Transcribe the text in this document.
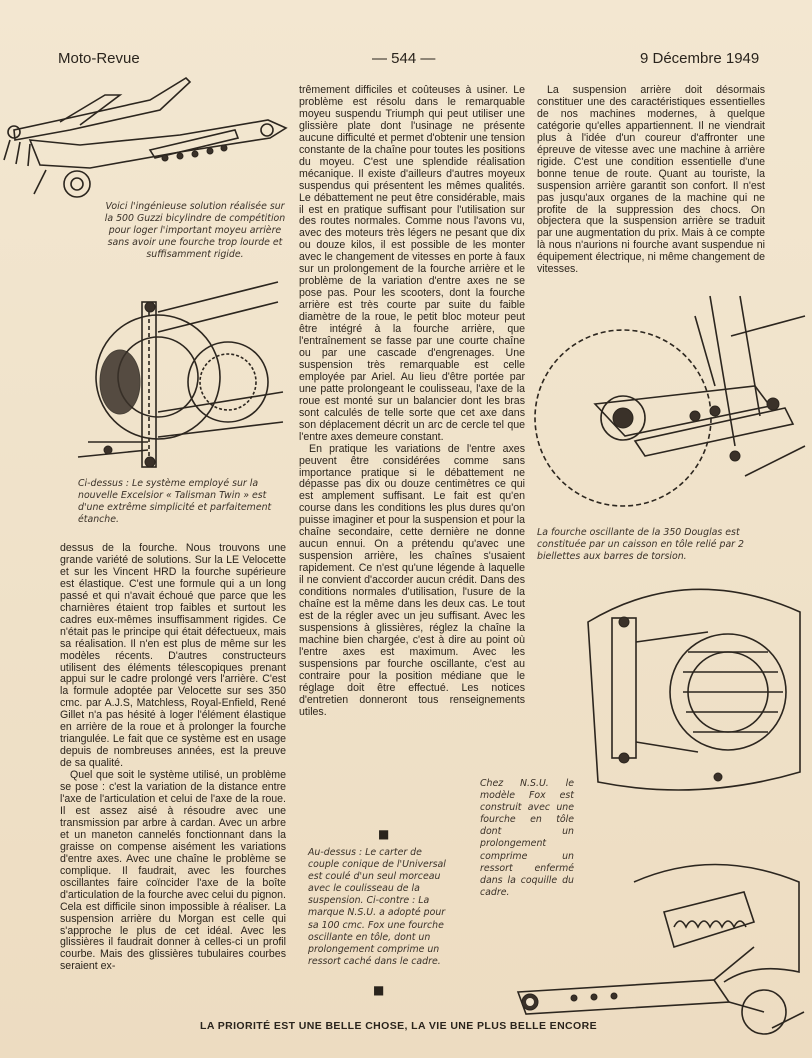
Moto-Revue	— 544 —	9 Décembre 1949
Voici l'ingénieuse solution réalisée sur la 500 Guzzi bicylindre de compétition pour loger l'important moyeu arrière sans avoir une fourche trop lourde et suffisamment rigide.
Ci-dessus : Le système employé sur la nouvelle Excelsior « Talisman Twin » est d'une extrême simplicité et parfaitement étanche.

dessus de la fourche. Nous trouvons une grande variété de solutions. Sur la LE Velocette et sur les Vincent HRD la fourche supérieure est élastique. C'est une formule qui a un long passé et qui n'avait échoué que parce que les charnières étaient trop faibles et surtout les cadres eux-mêmes insuffisamment rigides. Ce n'était pas le principe qui était défectueux, mais sa réalisation. Il n'en est plus de même sur les modèles récents. D'autres constructeurs utilisent des éléments télescopiques prenant appui sur le cadre prolongé vers l'arrière. C'est la formule adoptée par Velocette sur ses 350 cmc. par A.J.S, Matchless, Royal-Enfield, René Gillet n'a pas hésité à loger l'élément élastique en arrière de la roue et à prolonger la fourche triangulée. Le fait que ce système est en usage depuis de nombreuses années, est la preuve de sa qualité.

Quel que soit le système utilisé, un problème se pose : c'est la variation de la distance entre l'axe de l'articulation et celui de l'axe de la roue. Il est assez aisé à résoudre avec une transmission par arbre à cardan. Avec un arbre et un maneton cannelés fonctionnant dans la graisse on compense aisément les variations d'entre axes. Avec une chaîne le problème se complique. Il faudrait, avec les fourches oscillantes faire coïncider l'axe de la boîte d'articulation de la fourche avec celui du pignon. Cela est difficile sinon impossible à réaliser. La suspension arrière du Morgan est celle qui s'approche le plus de cet idéal. Avec les glissières il faudrait donner à celles-ci un profil courbe. Mais des glissières tubulaires courbes seraient ex-

trêmement difficiles et coûteuses à usiner. Le problème est résolu dans le remarquable moyeu suspendu Triumph qui peut utiliser une glissière plate dont l'usinage ne présente aucune difficulté et permet d'obtenir une tension constante de la chaîne pour toutes les positions du moyeu. C'est une splendide réalisation mécanique. Il existe d'ailleurs d'autres moyeux suspendus qui présentent les mêmes qualités. Le débattement ne peut être considérable, mais il est en pratique suffisant pour l'utilisation sur des routes normales. Comme nous l'avons vu, avec des moteurs très légers ne pesant que dix ou douze kilos, il est possible de les monter avec le changement de vitesses en porte à faux sur un prolongement de la fourche arrière et le problème de la variation d'entre axes ne se pose pas. Pour les scooters, dont la fourche arrière est très courte par suite du faible diamètre de la roue, le petit bloc moteur peut être intégré à la fourche arrière, que l'entraînement se fasse par une courte chaîne ou par une cascade d'engrenages. Une suspension très remarquable est celle employée par Ariel. Au lieu d'être portée par une patte prolongeant le coulisseau, l'axe de la roue est monté sur un balancier dont les bras sont calculés de telle sorte que cet axe dans son déplacement décrit un arc de cercle tel que l'entre axes demeure constant.

En pratique les variations de l'entre axes peuvent être considérées comme sans importance pratique si le débattement ne dépasse pas dix ou douze centimètres ce qui est amplement suffisant. Le fait est qu'en course dans les conditions les plus dures qu'on puisse imaginer et pour la suspension et pour la chaîne secondaire, cette dernière ne donne aucun ennui. On a prétendu qu'avec une suspension arrière, les chaînes s'usaient rapidement. Ce n'est qu'une légende à laquelle il ne convient d'accorder aucun crédit. Dans des conditions normales d'utilisation, l'usure de la chaîne est la même dans les deux cas. Le tout est de la régler avec un jeu suffisant. Avec les suspensions à glissières, réglez la chaîne la machine bien chargée, c'est à dire au point où l'entre axes est maximum. Avec les suspensions par fourche oscillante, c'est au contraire pour la position médiane que le réglage doit être effectué. Les notices d'entretien donneront tous renseignements utiles.

La suspension arrière doit désormais constituer une des caractéristiques essentielles de nos machines modernes, à quelque catégorie qu'elles appartiennent. Il ne viendrait plus à l'idée d'un coureur d'affronter une épreuve de vitesse avec une machine à arrière rigide. C'est une condition essentielle d'une bonne tenue de route. Quant au touriste, la suspension arrière garantit son confort. Il n'est pas jusqu'aux organes de la machine qui ne profite de la suppression des chocs. On objectera que la suspension arrière se traduit par une augmentation du prix. Mais à ce compte là nous n'aurions ni fourche avant suspendue ni équipement électrique, ni même changement de vitesses.

La fourche oscillante de la 350 Douglas est constituée par un caisson en tôle relié par 2 biellettes aux barres de torsion.
Chez N.S.U. le modèle Fox est construit avec une fourche en tôle dont un prolongement comprime un ressort enfermé dans la coquille du cadre.
■
Au-dessus : Le carter de couple conique de l'Universal est coulé d'un seul morceau avec le coulisseau de la suspension. Ci-contre : La marque N.S.U. a adopté pour sa 100 cmc. Fox une fourche oscillante en tôle, dont un prolongement comprime un ressort caché dans le cadre.
■
LA PRIORITÉ EST UNE BELLE CHOSE, LA VIE UNE PLUS BELLE ENCORE
